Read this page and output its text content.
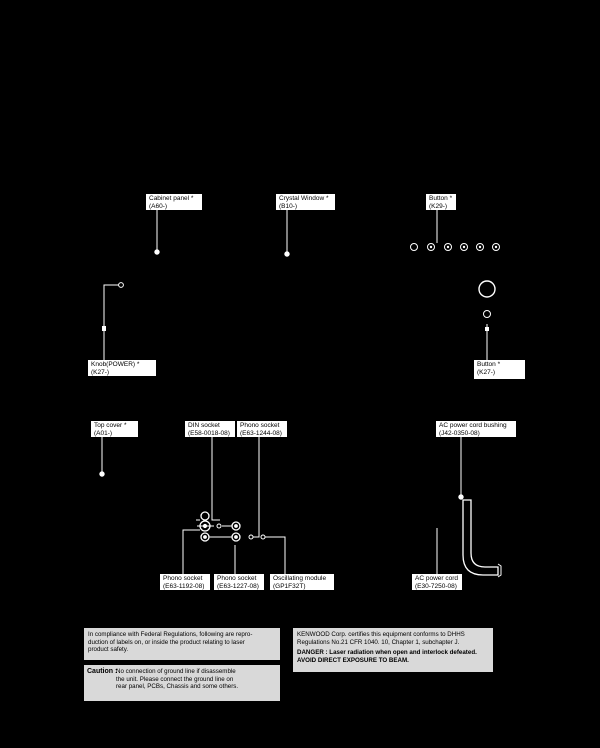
Cabinet panel *
(A60-)
Crystal Window *
(B10-)
Button *
(K29-)
Knob(POWER) *
(K27-)
Button *
(K27-)
Top cover *
(A01-)
DIN socket
(E58-0018-08)
Phono socket
(E63-1244-08)
AC power cord bushing
(J42-0350-08)
Phono socket
(E63-1192-08)
Phono socket
(E63-1227-08)
Oscillating module
(GP1F32T)
AC power cord
(E30-7250-08)
In compliance with Federal Regulations, following are repro-
duction of labels on, or inside the product relating to laser
product safety.
Caution :
No connection of ground line if disassemble
the unit. Please connect the ground line on
rear panel, PCBs, Chassis and some others.
KENWOOD Corp. certifies this equipment conforms to DHHS
Regulations No.21 CFR 1040. 10, Chapter 1, subchapter J.
DANGER : Laser radiation when open and interlock defeated.
AVOID DIRECT EXPOSURE TO BEAM.
